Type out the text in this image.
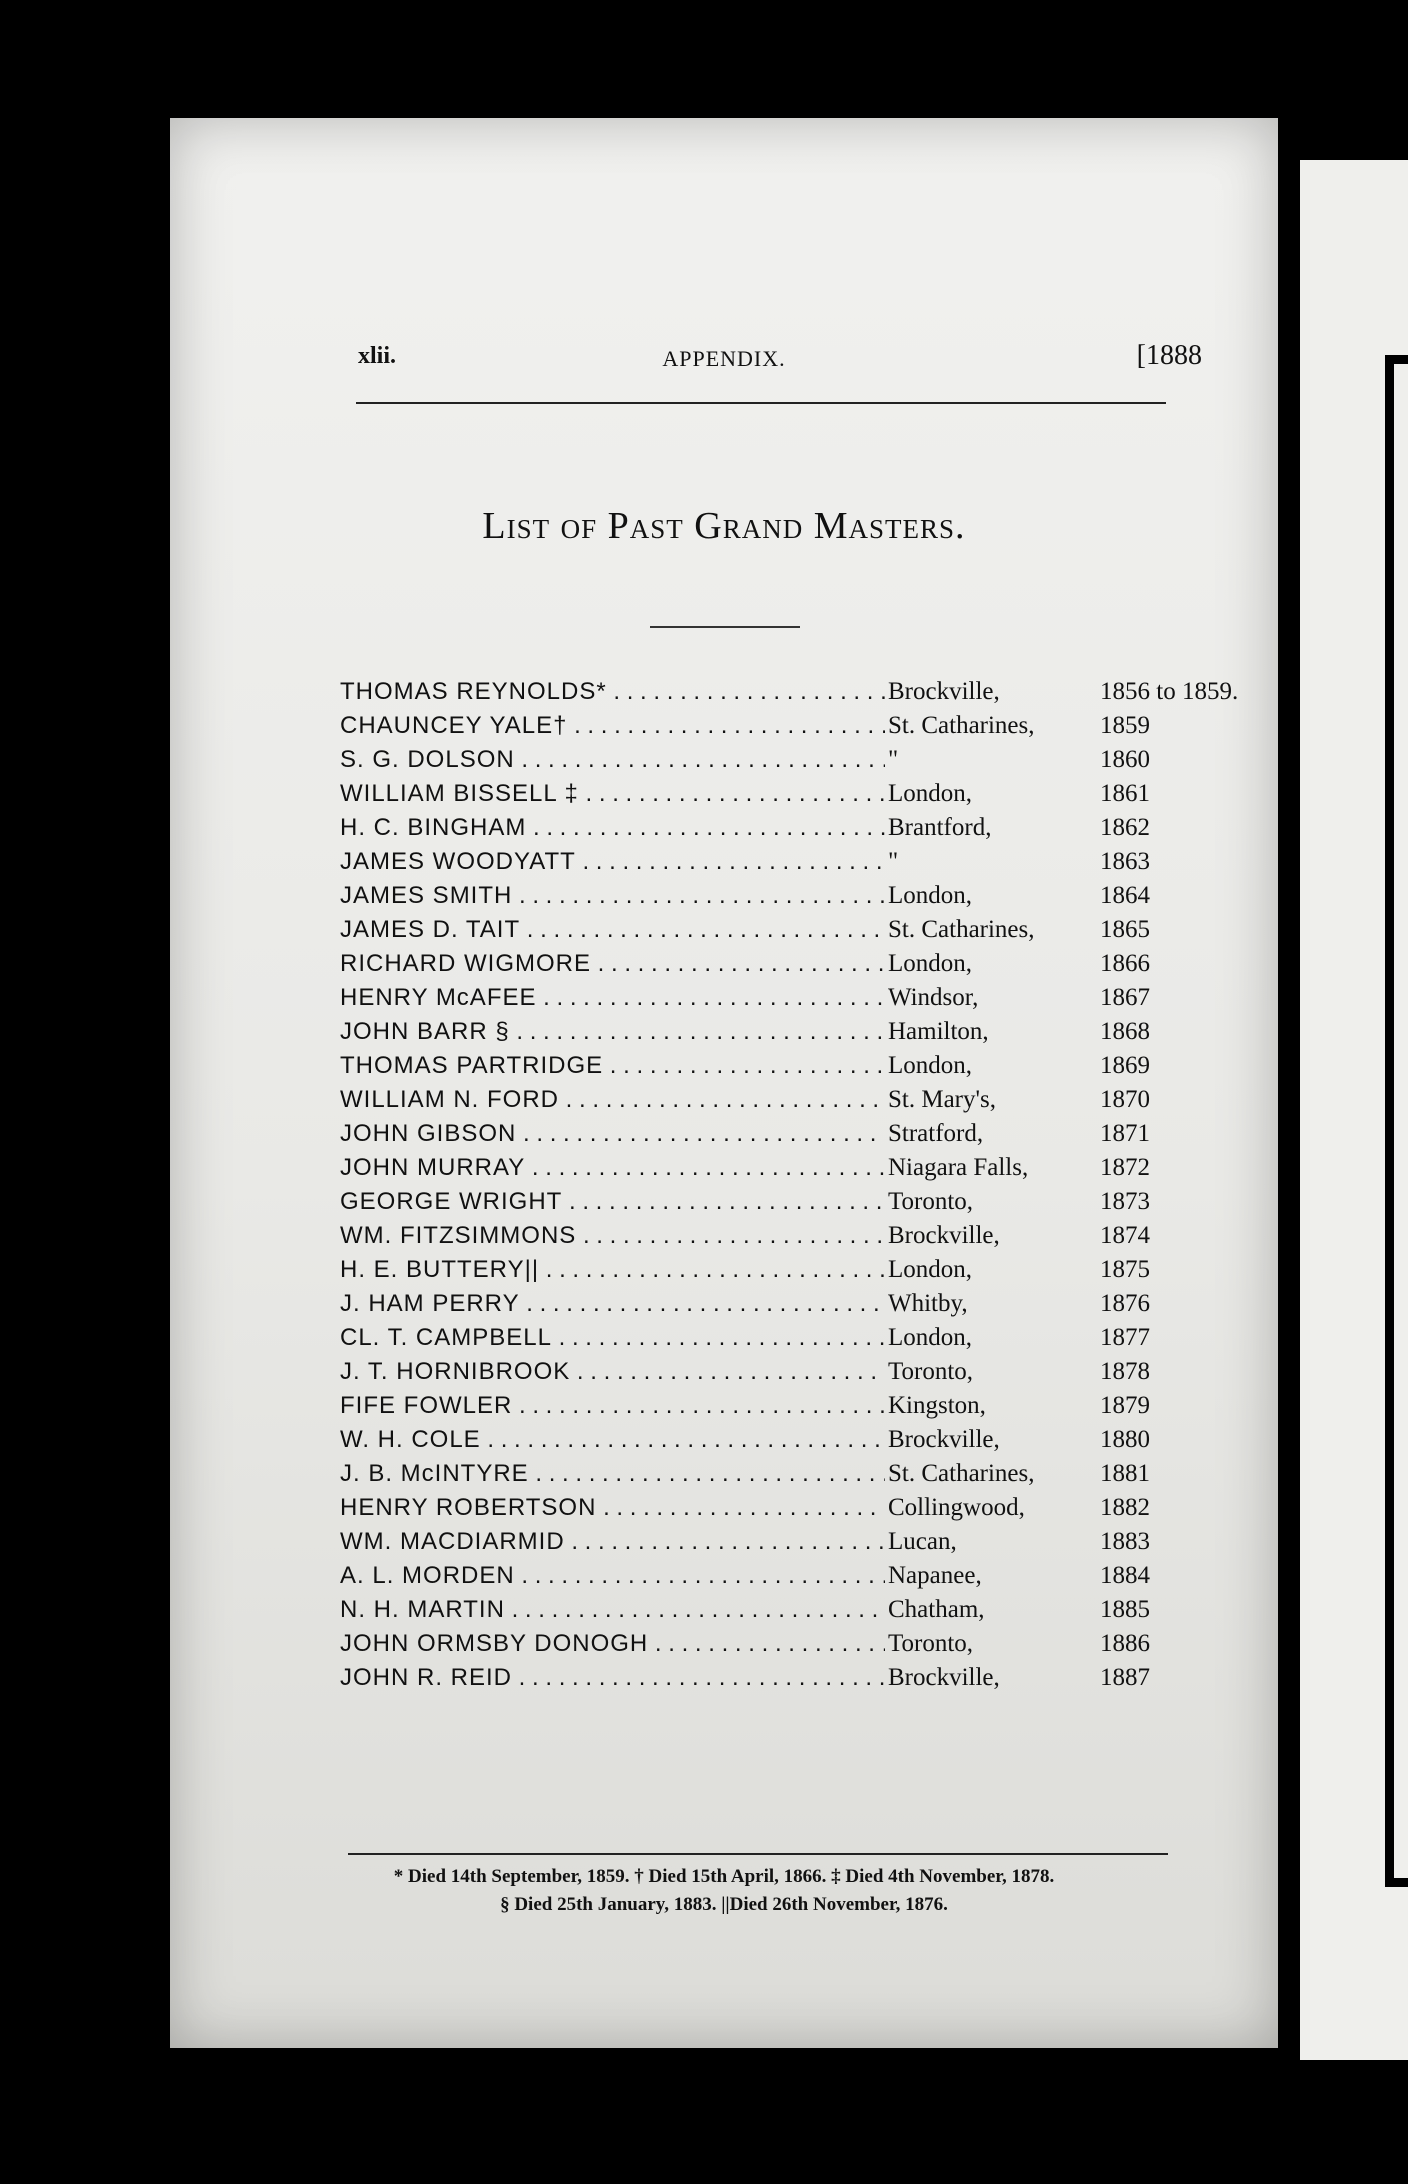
xlii.	APPENDIX.	[1888
List of Past Grand Masters.
THOMAS REYNOLDS* . . .	Brockville,	1856 to 1859.
CHAUNCEY YALE† . . .	St. Catharines,	1859
S. G. DOLSON . . .	"	1860
WILLIAM BISSELL ‡ . . .	London,	1861
H. C. BINGHAM . . .	Brantford,	1862
JAMES WOODYATT . . .	"	1863
JAMES SMITH . . .	London,	1864
JAMES D. TAIT . . .	St. Catharines,	1865
RICHARD WIGMORE . . .	London,	1866
HENRY McAFEE . . .	Windsor,	1867
JOHN BARR § . . .	Hamilton,	1868
THOMAS PARTRIDGE . . .	London,	1869
WILLIAM N. FORD . . .	St. Mary's,	1870
JOHN GIBSON . . .	Stratford,	1871
JOHN MURRAY . . .	Niagara Falls,	1872
GEORGE WRIGHT . . .	Toronto,	1873
WM. FITZSIMMONS . . .	Brockville,	1874
H. E. BUTTERY|| . . .	London,	1875
J. HAM PERRY . . .	Whitby,	1876
CL. T. CAMPBELL . . .	London,	1877
J. T. HORNIBROOK . . .	Toronto,	1878
FIFE FOWLER . . .	Kingston,	1879
W. H. COLE . . .	Brockville,	1880
J. B. McINTYRE . . .	St. Catharines,	1881
HENRY ROBERTSON . . .	Collingwood,	1882
WM. MACDIARMID . . .	Lucan,	1883
A. L. MORDEN . . .	Napanee,	1884
N. H. MARTIN . . .	Chatham,	1885
JOHN ORMSBY DONOGH . . .	Toronto,	1886
JOHN R. REID . . .	Brockville,	1887
* Died 14th September, 1859. † Died 15th April, 1866. ‡ Died 4th November, 1878.
§ Died 25th January, 1883. ||Died 26th November, 1876.
